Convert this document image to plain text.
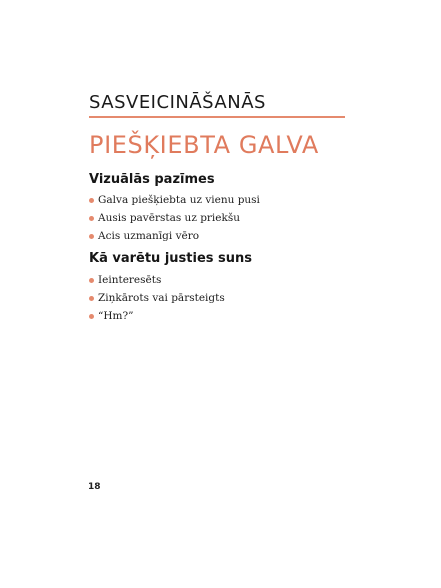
SASVEICINĀŠANĀS
PIEŠĶIEBTA GALVA
Vizuālās pazīmes
Galva piešķiebta uz vienu pusi
Ausis pavērstas uz priekšu
Acis uzmanīgi vēro
Kā varētu justies suns
Ieinteresēts
Ziņkārots vai pārsteigts
“Hm?”
18
